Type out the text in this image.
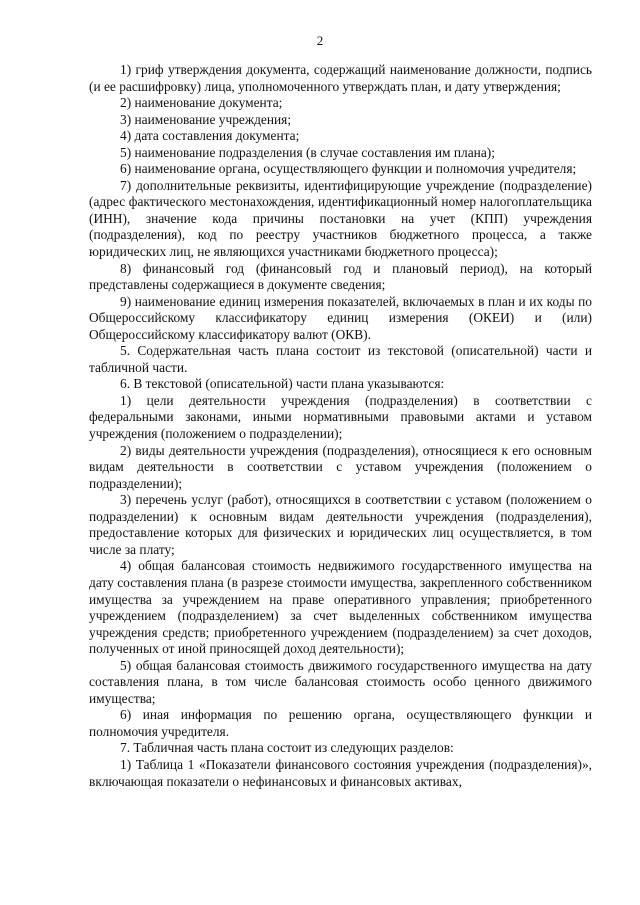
2

1) гриф утверждения документа, содержащий наименование должности, подпись (и ее расшифровку) лица, уполномоченного утверждать план, и дату утверждения;

2) наименование документа;

3) наименование учреждения;

4) дата составления документа;

5) наименование подразделения (в случае составления им плана);

6) наименование органа, осуществляющего функции и полномочия учредителя;

7) дополнительные реквизиты, идентифицирующие учреждение (подразделение) (адрес фактического местонахождения, идентификационный номер налогоплательщика (ИНН), значение кода причины постановки на учет (КПП) учреждения (подразделения), код по реестру участников бюджетного процесса, а также юридических лиц, не являющихся участниками бюджетного процесса);

8) финансовый год (финансовый год и плановый период), на который представлены содержащиеся в документе сведения;

9) наименование единиц измерения показателей, включаемых в план и их коды по Общероссийскому классификатору единиц измерения (ОКЕИ) и (или) Общероссийскому классификатору валют (ОКВ).

5. Содержательная часть плана состоит из текстовой (описательной) части и табличной части.

6. В текстовой (описательной) части плана указываются:

1) цели деятельности учреждения (подразделения) в соответствии с федеральными законами, иными нормативными правовыми актами и уставом учреждения (положением о подразделении);

2) виды деятельности учреждения (подразделения), относящиеся к его основным видам деятельности в соответствии с уставом учреждения (положением о подразделении);

3) перечень услуг (работ), относящихся в соответствии с уставом (положением о подразделении) к основным видам деятельности учреждения (подразделения), предоставление которых для физических и юридических лиц осуществляется, в том числе за плату;

4) общая балансовая стоимость недвижимого государственного имущества на дату составления плана (в разрезе стоимости имущества, закрепленного собственником имущества за учреждением на праве оперативного управления; приобретенного учреждением (подразделением) за счет выделенных собственником имущества учреждения средств; приобретенного учреждением (подразделением) за счет доходов, полученных от иной приносящей доход деятельности);

5) общая балансовая стоимость движимого государственного имущества на дату составления плана, в том числе балансовая стоимость особо ценного движимого имущества;

6) иная информация по решению органа, осуществляющего функции и полномочия учредителя.

7. Табличная часть плана состоит из следующих разделов:

1) Таблица 1 «Показатели финансового состояния учреждения (подразделения)», включающая показатели о нефинансовых и финансовых активах,
